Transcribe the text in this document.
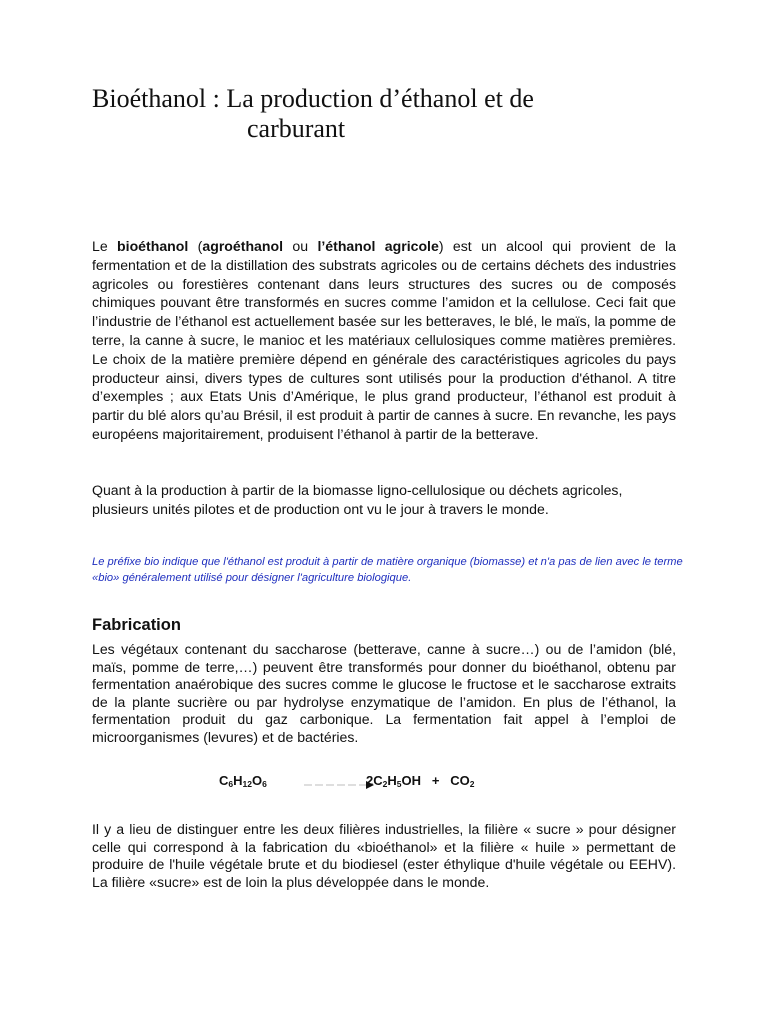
Bioéthanol : La production d’éthanol et de
carburant

Le bioéthanol (agroéthanol ou l’éthanol agricole) est un alcool qui provient de la fermentation et de la distillation des substrats agricoles ou de certains déchets des industries agricoles ou forestières contenant dans leurs structures des sucres ou de composés chimiques pouvant être transformés en sucres comme l’amidon et la cellulose. Ceci fait que l’industrie de l’éthanol est actuellement basée sur les betteraves, le blé, le maïs, la pomme de terre, la canne à sucre, le manioc et les matériaux cellulosiques comme matières premières. Le choix de la matière première dépend en générale des caractéristiques agricoles du pays producteur ainsi, divers types de cultures sont utilisés pour la production d'éthanol. A titre d’exemples ; aux Etats Unis d’Amérique, le plus grand producteur, l’éthanol est produit à partir du blé alors qu’au Brésil, il est produit à partir de cannes à sucre. En revanche, les pays européens majoritairement, produisent l’éthanol à partir de la betterave.

Quant à la production à partir de la biomasse ligno-cellulosique ou déchets agricoles, plusieurs unités pilotes et de production ont vu le jour à travers le monde.

Le préfixe bio indique que l'éthanol est produit à partir de matière organique (biomasse) et n'a pas de lien avec le terme «bio» généralement utilisé pour désigner l'agriculture biologique.

Fabrication

Les végétaux contenant du saccharose (betterave, canne à sucre…) ou de l’amidon (blé, maïs, pomme de terre,…) peuvent être transformés pour donner du bioéthanol, obtenu par fermentation anaérobique des sucres comme le glucose le fructose et le saccharose extraits de la plante sucrière ou par hydrolyse enzymatique de l’amidon. En plus de l’éthanol, la fermentation produit du gaz carbonique. La fermentation fait appel à l’emploi de microorganismes (levures) et de bactéries.

$C_6H_{12}O_6$	$2C_2H_5OH + CO_2$

Il y a lieu de distinguer entre les deux filières industrielles, la filière « sucre » pour désigner celle qui correspond à la fabrication du «bioéthanol» et la filière « huile » permettant de produire de l'huile végétale brute et du biodiesel (ester éthylique d'huile végétale ou EEHV). La filière «sucre» est de loin la plus développée dans le monde.
